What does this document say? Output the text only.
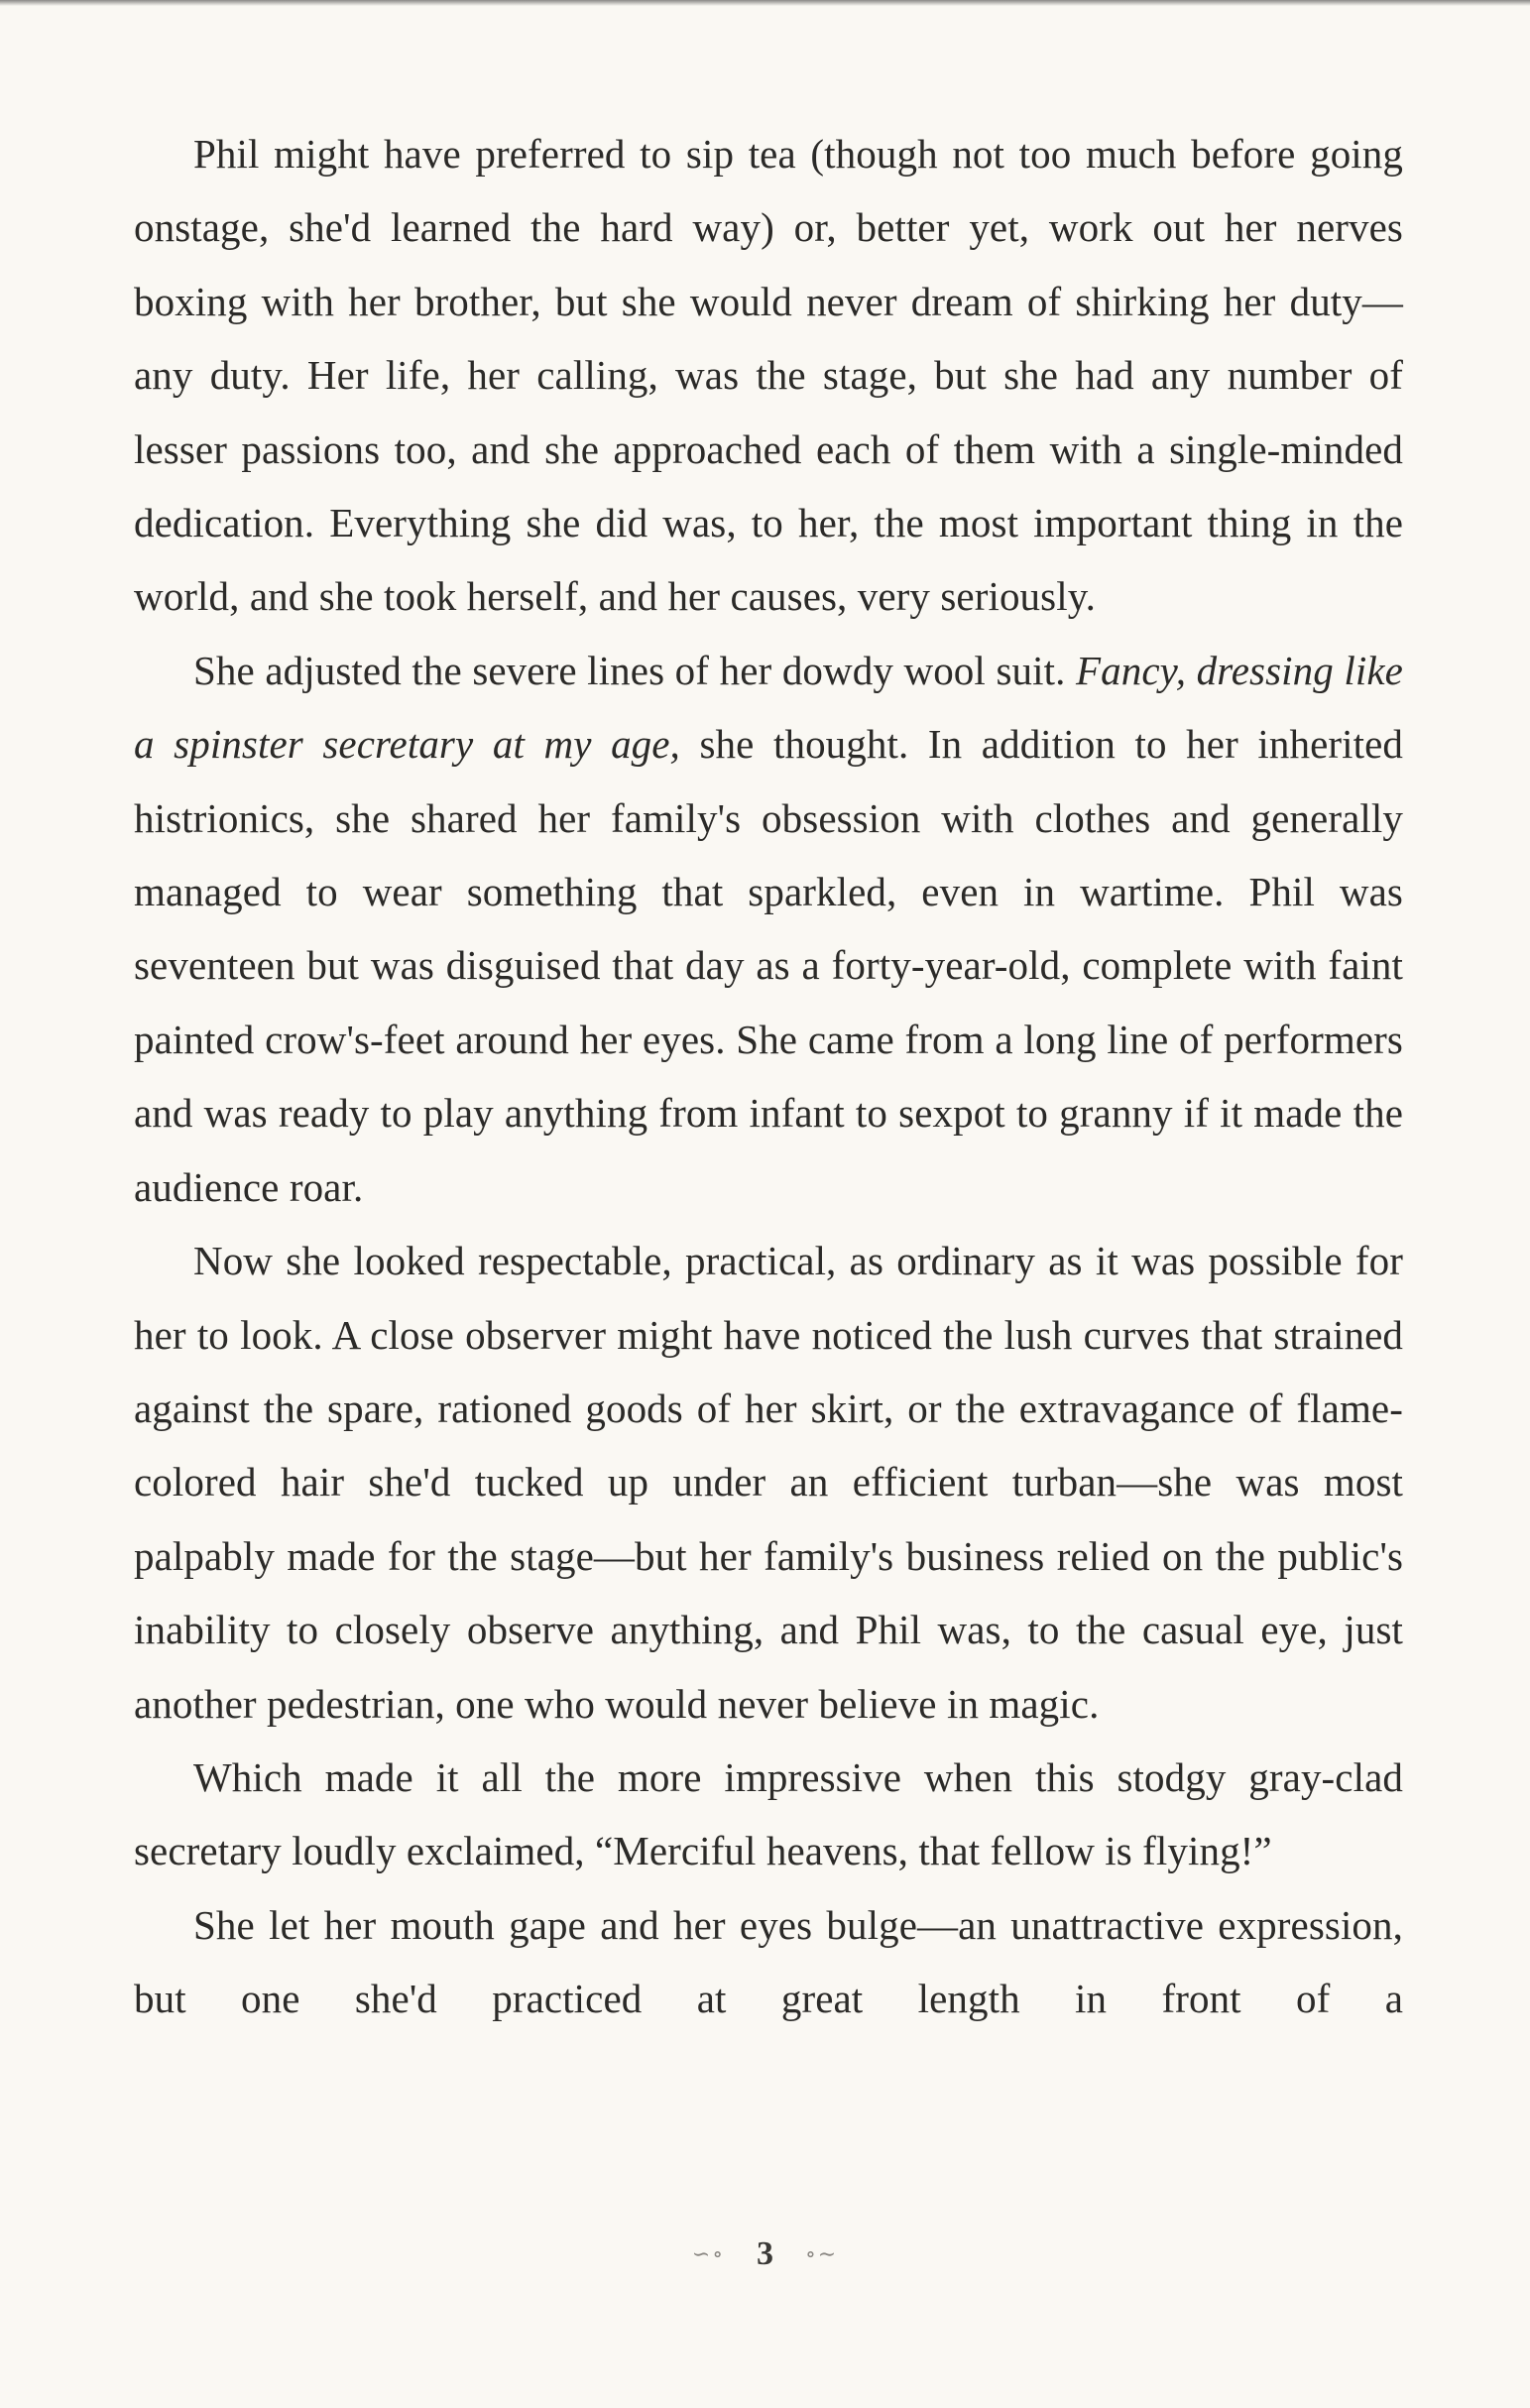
Phil might have preferred to sip tea (though not too much before going onstage, she'd learned the hard way) or, better yet, work out her nerves boxing with her brother, but she would never dream of shirking her duty—any duty. Her life, her calling, was the stage, but she had any number of lesser passions too, and she approached each of them with a single-minded dedication. Everything she did was, to her, the most important thing in the world, and she took herself, and her causes, very seriously.

She adjusted the severe lines of her dowdy wool suit. Fancy, dressing like a spinster secretary at my age, she thought. In addition to her inherited histrionics, she shared her family's obsession with clothes and generally managed to wear something that sparkled, even in wartime. Phil was seventeen but was disguised that day as a forty-year-old, complete with faint painted crow's-feet around her eyes. She came from a long line of performers and was ready to play anything from infant to sexpot to granny if it made the audience roar.

Now she looked respectable, practical, as ordinary as it was possible for her to look. A close observer might have noticed the lush curves that strained against the spare, rationed goods of her skirt, or the extravagance of flame-colored hair she'd tucked up under an efficient turban—she was most palpably made for the stage—but her family's business relied on the public's inability to closely observe anything, and Phil was, to the casual eye, just another pedestrian, one who would never believe in magic.

Which made it all the more impressive when this stodgy gray-clad secretary loudly exclaimed, “Merciful heavens, that fellow is flying!”

She let her mouth gape and her eyes bulge—an unattractive expression, but one she'd practiced at great length in front of a

∽∘ 3 ∘∼
